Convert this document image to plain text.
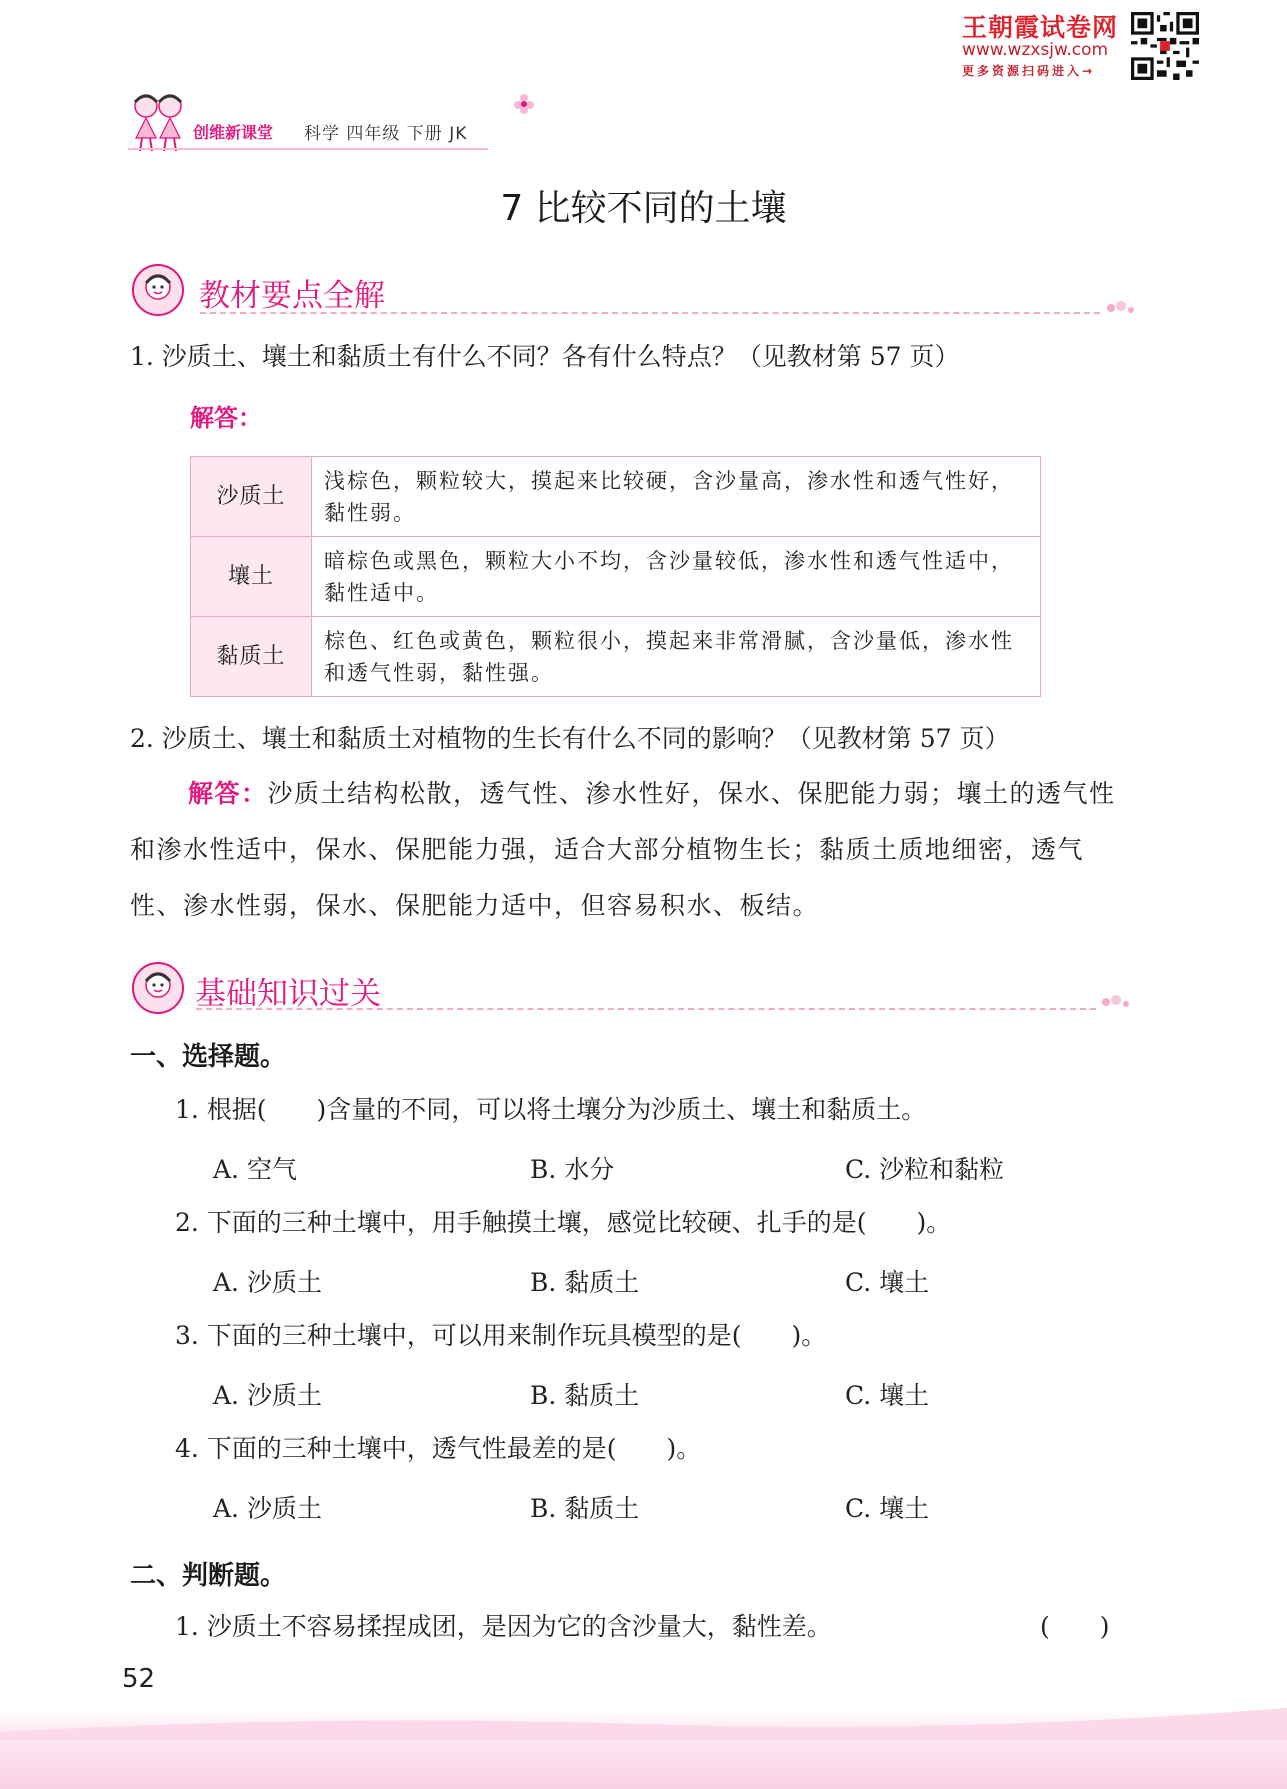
王朝霞试卷网
www.wzxsjw.com
更多资源扫码进入→
创维新课堂 科学 四年级 下册 JK
7 比较不同的土壤
教材要点全解
1. 沙质土、壤土和黏质土有什么不同？各有什么特点？（见教材第 57 页）
解答：
沙质土	浅棕色，颗粒较大，摸起来比较硬，含沙量高，渗水性和透气性好，黏性弱。
壤土	暗棕色或黑色，颗粒大小不均，含沙量较低，渗水性和透气性适中，黏性适中。
黏质土	棕色、红色或黄色，颗粒很小，摸起来非常滑腻，含沙量低，渗水性和透气性弱，黏性强。
2. 沙质土、壤土和黏质土对植物的生长有什么不同的影响？（见教材第 57 页）
解答：沙质土结构松散，透气性、渗水性好，保水、保肥能力弱；壤土的透气性和渗水性适中，保水、保肥能力强，适合大部分植物生长；黏质土质地细密，透气性、渗水性弱，保水、保肥能力适中，但容易积水、板结。
基础知识过关
一、选择题。
1. 根据(　　)含量的不同，可以将土壤分为沙质土、壤土和黏质土。
A. 空气	B. 水分	C. 沙粒和黏粒
2. 下面的三种土壤中，用手触摸土壤，感觉比较硬、扎手的是(　　)。
A. 沙质土	B. 黏质土	C. 壤土
3. 下面的三种土壤中，可以用来制作玩具模型的是(　　)。
A. 沙质土	B. 黏质土	C. 壤土
4. 下面的三种土壤中，透气性最差的是(　　)。
A. 沙质土	B. 黏质土	C. 壤土
二、判断题。
1. 沙质土不容易揉捏成团，是因为它的含沙量大，黏性差。	(　　)
52
